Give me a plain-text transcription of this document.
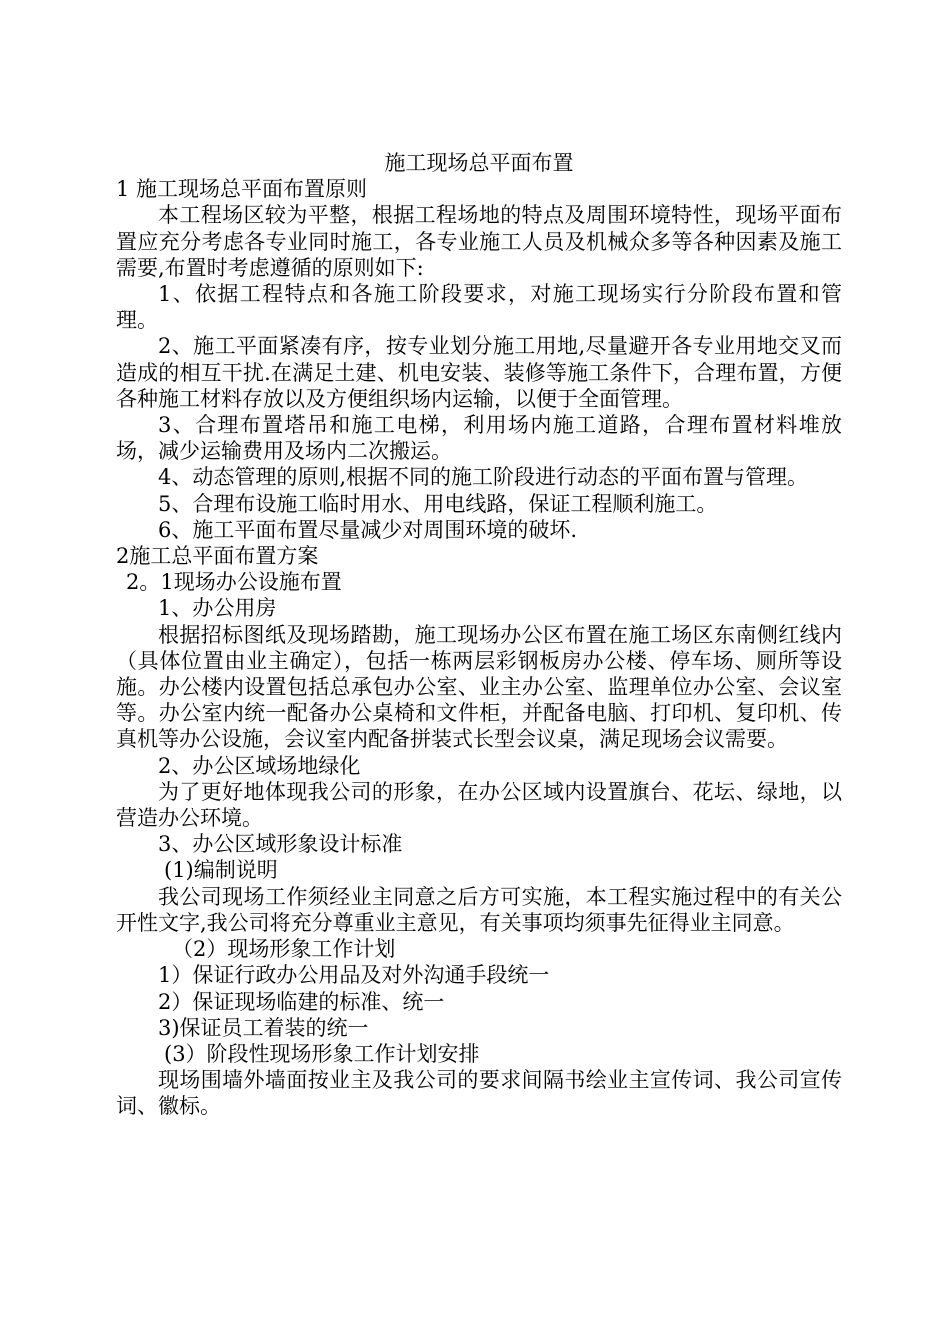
施工现场总平面布置

1 施工现场总平面布置原则

本工程场区较为平整，根据工程场地的特点及周围环境特性，现场平面布置应充分考虑各专业同时施工，各专业施工人员及机械众多等各种因素及施工需要,布置时考虑遵循的原则如下:

1、依据工程特点和各施工阶段要求，对施工现场实行分阶段布置和管理。

2、施工平面紧凑有序，按专业划分施工用地,尽量避开各专业用地交叉而造成的相互干扰.在满足土建、机电安装、装修等施工条件下，合理布置，方便各种施工材料存放以及方便组织场内运输，以便于全面管理。

3、合理布置塔吊和施工电梯，利用场内施工道路，合理布置材料堆放场，减少运输费用及场内二次搬运。

4、动态管理的原则,根据不同的施工阶段进行动态的平面布置与管理。

5、合理布设施工临时用水、用电线路，保证工程顺利施工。

6、施工平面布置尽量减少对周围环境的破坏.

2施工总平面布置方案

2。1现场办公设施布置

1、办公用房

根据招标图纸及现场踏勘，施工现场办公区布置在施工场区东南侧红线内（具体位置由业主确定），包括一栋两层彩钢板房办公楼、停车场、厕所等设施。办公楼内设置包括总承包办公室、业主办公室、监理单位办公室、会议室等。办公室内统一配备办公桌椅和文件柜，并配备电脑、打印机、复印机、传真机等办公设施，会议室内配备拼装式长型会议桌，满足现场会议需要。

2、办公区域场地绿化

为了更好地体现我公司的形象，在办公区域内设置旗台、花坛、绿地，以营造办公环境。

3、办公区域形象设计标准

(1)编制说明

我公司现场工作须经业主同意之后方可实施，本工程实施过程中的有关公开性文字,我公司将充分尊重业主意见，有关事项均须事先征得业主同意。

（2）现场形象工作计划

1）保证行政办公用品及对外沟通手段统一

2）保证现场临建的标准、统一

3)保证员工着装的统一

(3）阶段性现场形象工作计划安排

现场围墙外墙面按业主及我公司的要求间隔书绘业主宣传词、我公司宣传词、徽标。
